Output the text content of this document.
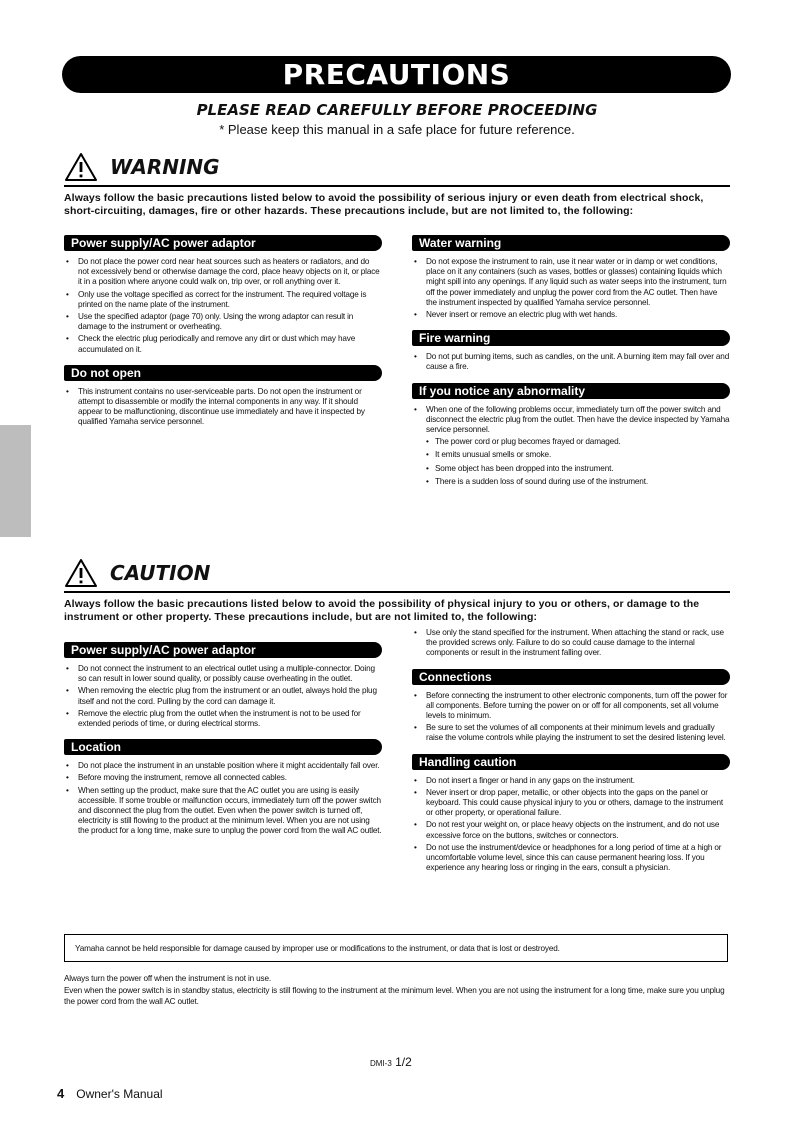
PRECAUTIONS
PLEASE READ CAREFULLY BEFORE PROCEEDING
* Please keep this manual in a safe place for future reference.
WARNING
Always follow the basic precautions listed below to avoid the possibility of serious injury or even death from electrical shock, short-circuiting, damages, fire or other hazards. These precautions include, but are not limited to, the following:
Power supply/AC power adaptor
• Do not place the power cord near heat sources such as heaters or radiators, and do not excessively bend or otherwise damage the cord, place heavy objects on it, or place it in a position where anyone could walk on, trip over, or roll anything over it.
• Only use the voltage specified as correct for the instrument. The required voltage is printed on the name plate of the instrument.
• Use the specified adaptor (page 70) only. Using the wrong adaptor can result in damage to the instrument or overheating.
• Check the electric plug periodically and remove any dirt or dust which may have accumulated on it.
Do not open
• This instrument contains no user-serviceable parts. Do not open the instrument or attempt to disassemble or modify the internal components in any way. If it should appear to be malfunctioning, discontinue use immediately and have it inspected by qualified Yamaha service personnel.
Water warning
• Do not expose the instrument to rain, use it near water or in damp or wet conditions, place on it any containers (such as vases, bottles or glasses) containing liquids which might spill into any openings. If any liquid such as water seeps into the instrument, turn off the power immediately and unplug the power cord from the AC outlet. Then have the instrument inspected by qualified Yamaha service personnel.
• Never insert or remove an electric plug with wet hands.
Fire warning
• Do not put burning items, such as candles, on the unit. A burning item may fall over and cause a fire.
If you notice any abnormality
• When one of the following problems occur, immediately turn off the power switch and disconnect the electric plug from the outlet. Then have the device inspected by Yamaha service personnel.
• The power cord or plug becomes frayed or damaged.
• It emits unusual smells or smoke.
• Some object has been dropped into the instrument.
• There is a sudden loss of sound during use of the instrument.
CAUTION
Always follow the basic precautions listed below to avoid the possibility of physical injury to you or others, or damage to the instrument or other property. These precautions include, but are not limited to, the following:
Power supply/AC power adaptor
• Do not connect the instrument to an electrical outlet using a multiple-connector. Doing so can result in lower sound quality, or possibly cause overheating in the outlet.
• When removing the electric plug from the instrument or an outlet, always hold the plug itself and not the cord. Pulling by the cord can damage it.
• Remove the electric plug from the outlet when the instrument is not to be used for extended periods of time, or during electrical storms.
Location
• Do not place the instrument in an unstable position where it might accidentally fall over.
• Before moving the instrument, remove all connected cables.
• When setting up the product, make sure that the AC outlet you are using is easily accessible. If some trouble or malfunction occurs, immediately turn off the power switch and disconnect the plug from the outlet. Even when the power switch is turned off, electricity is still flowing to the product at the minimum level. When you are not using the product for a long time, make sure to unplug the power cord from the wall AC outlet.
• Use only the stand specified for the instrument. When attaching the stand or rack, use the provided screws only. Failure to do so could cause damage to the internal components or result in the instrument falling over.
Connections
• Before connecting the instrument to other electronic components, turn off the power for all components. Before turning the power on or off for all components, set all volume levels to minimum.
• Be sure to set the volumes of all components at their minimum levels and gradually raise the volume controls while playing the instrument to set the desired listening level.
Handling caution
• Do not insert a finger or hand in any gaps on the instrument.
• Never insert or drop paper, metallic, or other objects into the gaps on the panel or keyboard. This could cause physical injury to you or others, damage to the instrument or other property, or operational failure.
• Do not rest your weight on, or place heavy objects on the instrument, and do not use excessive force on the buttons, switches or connectors.
• Do not use the instrument/device or headphones for a long period of time at a high or uncomfortable volume level, since this can cause permanent hearing loss. If you experience any hearing loss or ringing in the ears, consult a physician.
Yamaha cannot be held responsible for damage caused by improper use or modifications to the instrument, or data that is lost or destroyed.
Always turn the power off when the instrument is not in use.
Even when the power switch is in standby status, electricity is still flowing to the instrument at the minimum level. When you are not using the instrument for a long time, make sure you unplug the power cord from the wall AC outlet.
DMI-3 1/2
4 Owner's Manual
